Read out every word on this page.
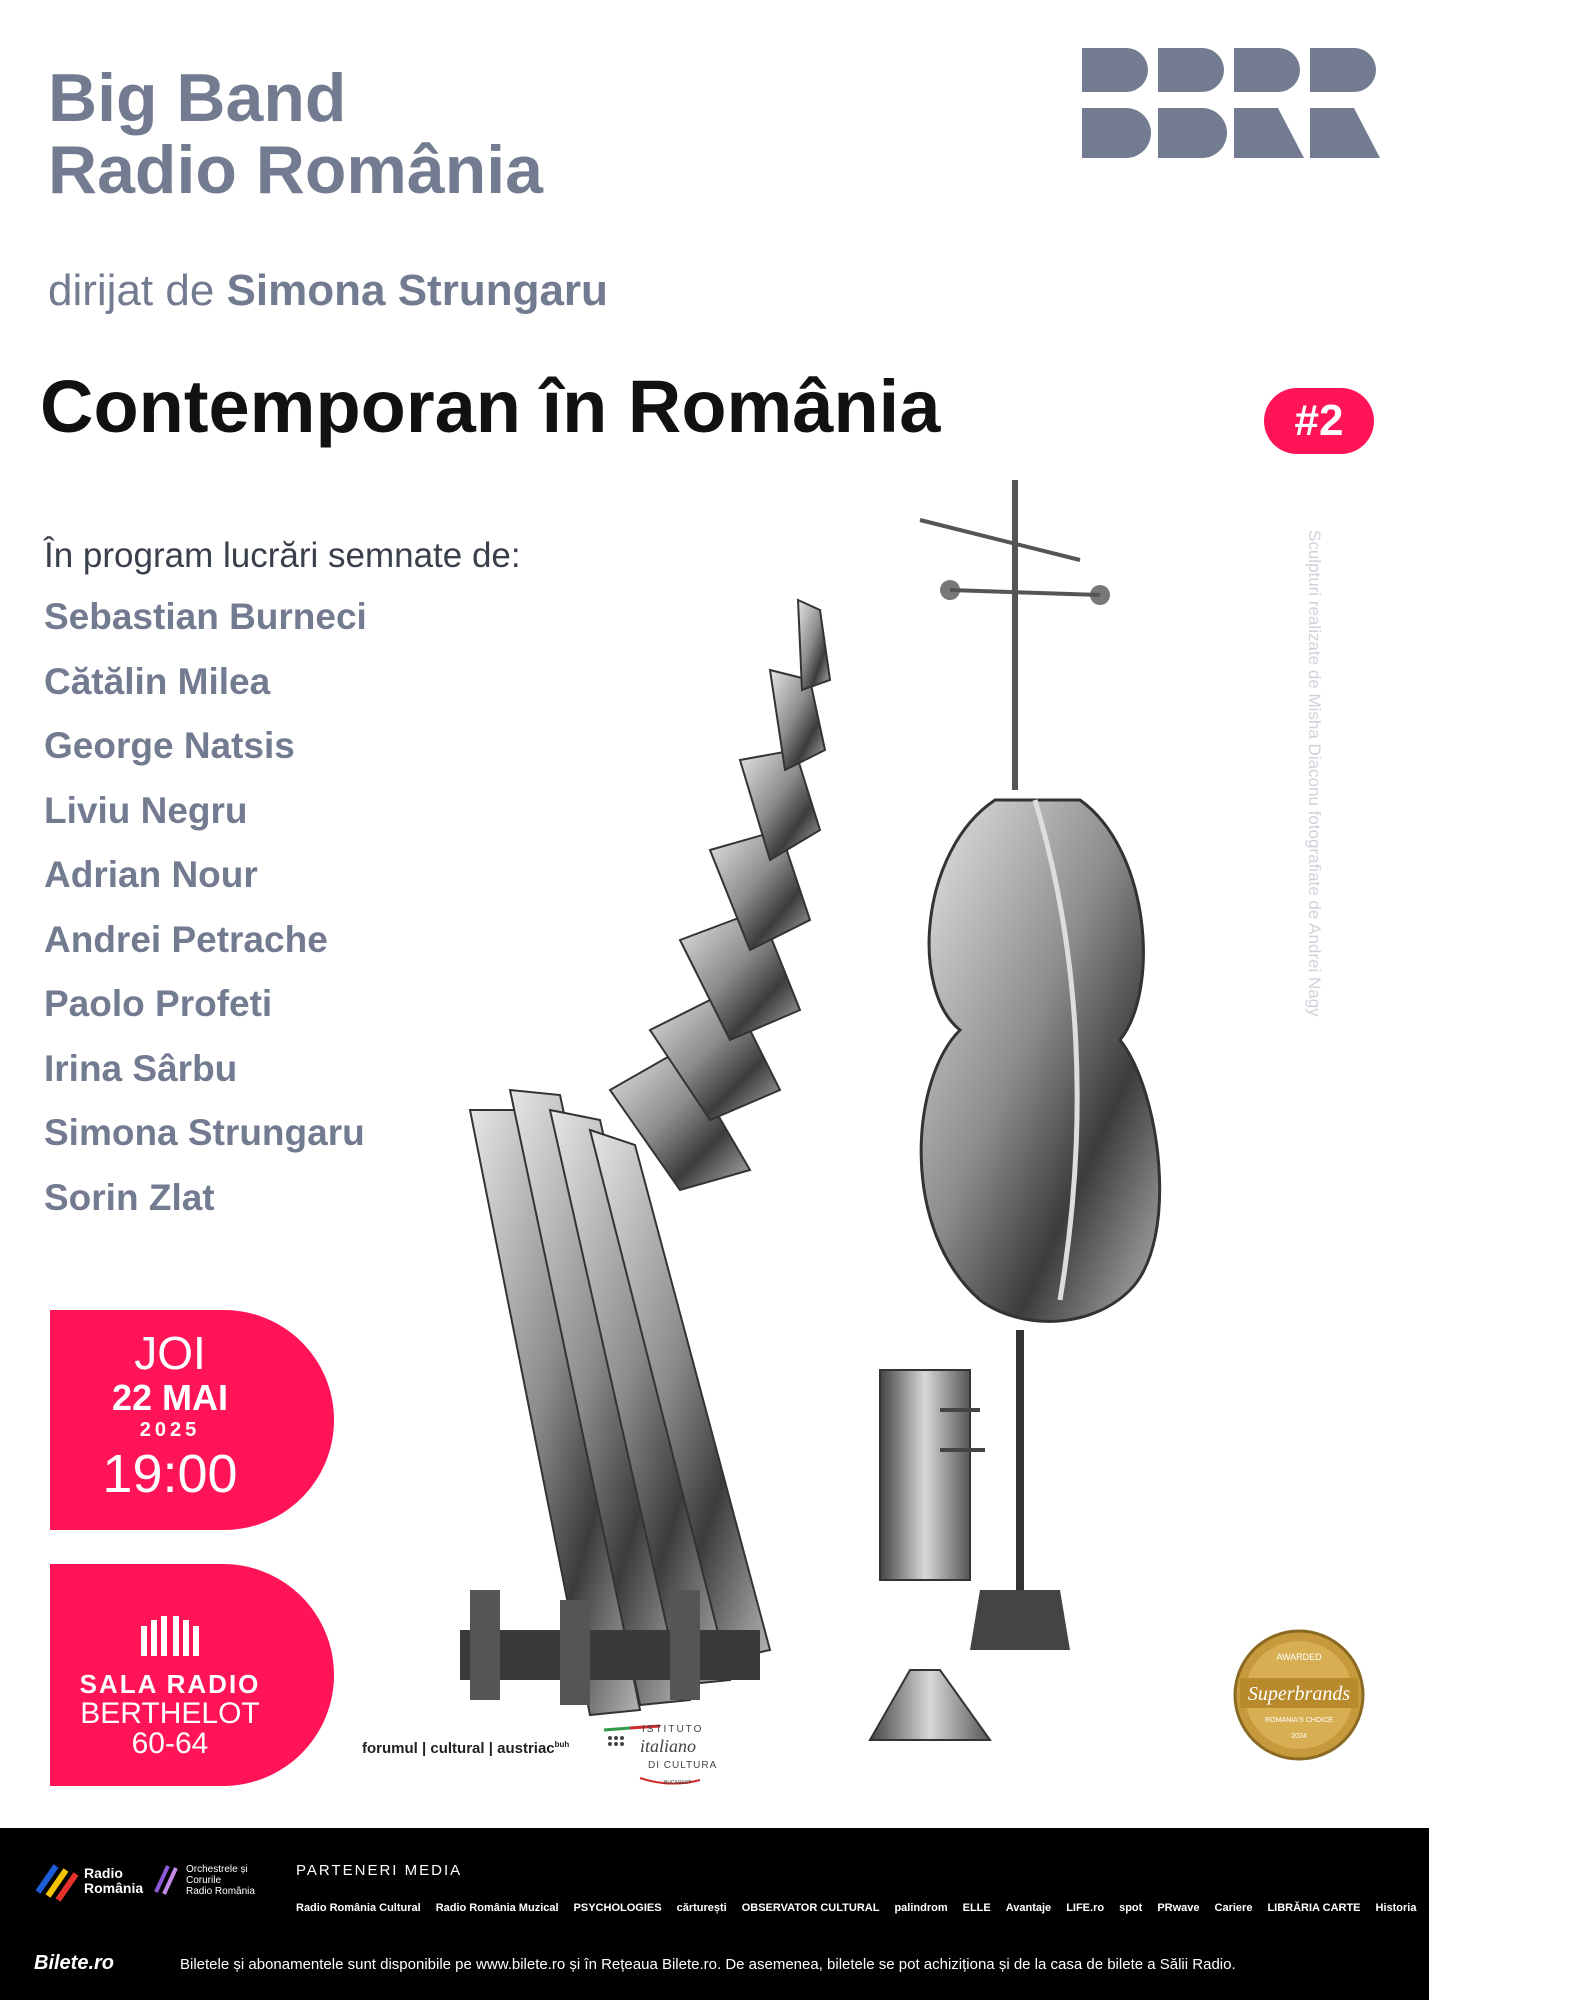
Big Band
Radio România
dirijat de Simona Strungaru
Contemporan în România	#2
În program lucrări semnate de:
Sebastian Burneci
Cătălin Milea
George Natsis
Liviu Negru
Adrian Nour
Andrei Petrache
Paolo Profeti
Irina Sârbu
Simona Strungaru
Sorin Zlat
Sculpturi realizate de Misha Diaconu fotografiate de Andrei Nagy
JOI
22 MAI
2025
19:00
SALA RADIO
BERTHELOT
60-64	forumul | cultural | austriac$^{buh}$
ISTITUTO
italiano
DI CULTURA
BUCAREST
AWARDED
Superbrands
ROMANIA'S CHOICE
2024
Radio
România
Orchestrele și
Corurile
Radio România
PARTENERI MEDIA
Radio România Cultural Radio România Muzical PSYCHOLOGIES cărturești OBSERVATOR CULTURAL palindrom ELLE Avantaje LIFE.ro spot PRwave Cariere LIBRĂRIA CARTE Historia DILEMA MATCA LiterNet
Bilete.ro	Biletele și abonamentele sunt disponibile pe www.bilete.ro și în Rețeaua Bilete.ro. De asemenea, biletele se pot achiziționa și de la casa de bilete a Sălii Radio.
